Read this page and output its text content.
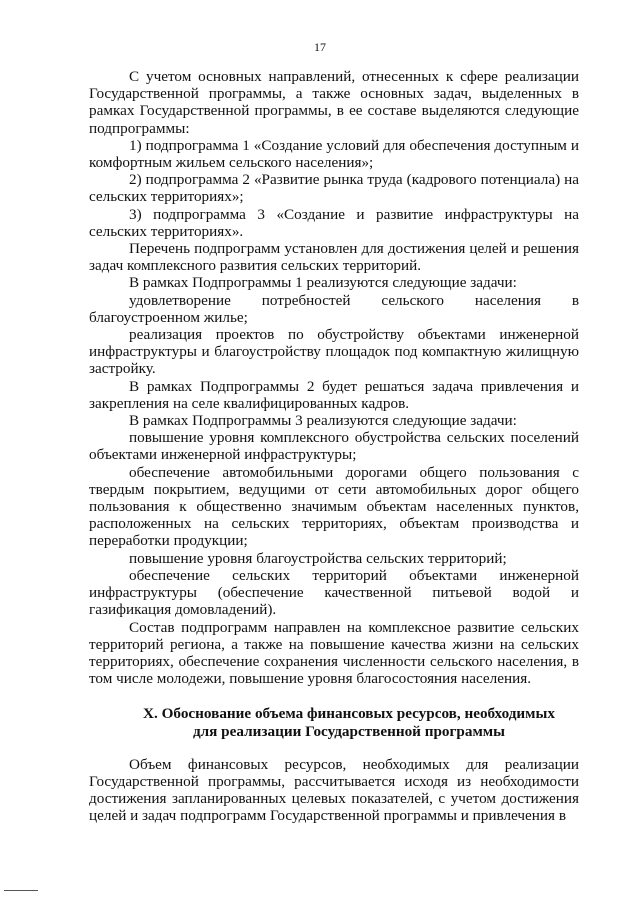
17

С учетом основных направлений, отнесенных к сфере реализации Государственной программы, а также основных задач, выделенных в рамках Государственной программы, в ее составе выделяются следующие подпрограммы:

1) подпрограмма 1 «Создание условий для обеспечения доступным и комфортным жильем сельского населения»;

2) подпрограмма 2 «Развитие рынка труда (кадрового потенциала) на сельских территориях»;

3) подпрограмма 3 «Создание и развитие инфраструктуры на сельских территориях».

Перечень подпрограмм установлен для достижения целей и решения задач комплексного развития сельских территорий.

В рамках Подпрограммы 1 реализуются следующие задачи:

удовлетворение потребностей сельского населения в благоустроенном жилье;

реализация проектов по обустройству объектами инженерной инфраструктуры и благоустройству площадок под компактную жилищную застройку.

В рамках Подпрограммы 2 будет решаться задача привлечения и закрепления на селе квалифицированных кадров.

В рамках Подпрограммы 3 реализуются следующие задачи:

повышение уровня комплексного обустройства сельских поселений объектами инженерной инфраструктуры;

обеспечение автомобильными дорогами общего пользования с твердым покрытием, ведущими от сети автомобильных дорог общего пользования к общественно значимым объектам населенных пунктов, расположенных на сельских территориях, объектам производства и переработки продукции;

повышение уровня благоустройства сельских территорий;

обеспечение сельских территорий объектами инженерной инфраструктуры (обеспечение качественной питьевой водой и газификация домовладений).

Состав подпрограмм направлен на комплексное развитие сельских территорий региона, а также на повышение качества жизни на сельских территориях, обеспечение сохранения численности сельского населения, в том числе молодежи, повышение уровня благосостояния населения.

X. Обоснование объема финансовых ресурсов, необходимых
для реализации Государственной программы

Объем финансовых ресурсов, необходимых для реализации Государственной программы, рассчитывается исходя из необходимости достижения запланированных целевых показателей, с учетом достижения целей и задач подпрограмм Государственной программы и привлечения в
